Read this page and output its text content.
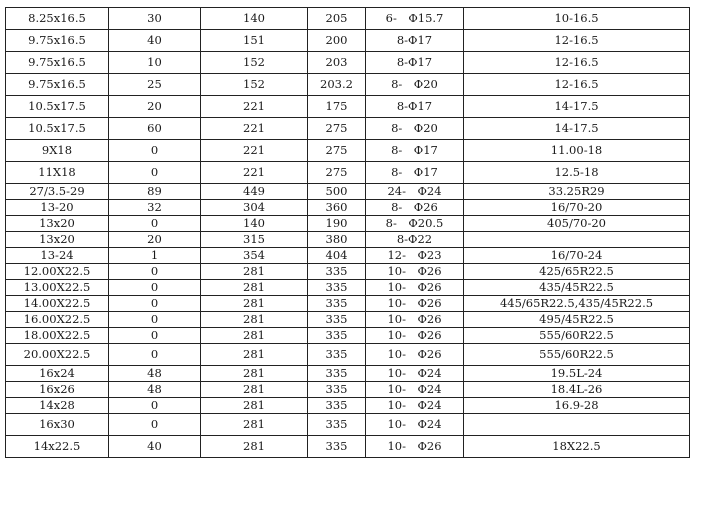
8.25x16.5	30	140	205	6-　Φ15.7	10-16.5
9.75x16.5	40	151	200	8-Φ17	12-16.5
9.75x16.5	10	152	203	8-Φ17	12-16.5
9.75x16.5	25	152	203.2	8-　Φ20	12-16.5
10.5x17.5	20	221	175	8-Φ17	14-17.5
10.5x17.5	60	221	275	8-　Φ20	14-17.5
9X18	0	221	275	8-　Φ17	11.00-18
11X18	0	221	275	8-　Φ17	12.5-18
27/3.5-29	89	449	500	24-　Φ24	33.25R29
13-20	32	304	360	8-　Φ26	16/70-20
13x20	0	140	190	8-　Φ20.5	405/70-20
13x20	20	315	380	8-Φ22	
13-24	1	354	404	12-　Φ23	16/70-24
12.00X22.5	0	281	335	10-　Φ26	425/65R22.5
13.00X22.5	0	281	335	10-　Φ26	435/45R22.5
14.00X22.5	0	281	335	10-　Φ26	445/65R22.5,435/45R22.5
16.00X22.5	0	281	335	10-　Φ26	495/45R22.5
18.00X22.5	0	281	335	10-　Φ26	555/60R22.5
20.00X22.5	0	281	335	10-　Φ26	555/60R22.5
16x24	48	281	335	10-　Φ24	19.5L-24
16x26	48	281	335	10-　Φ24	18.4L-26
14x28	0	281	335	10-　Φ24	16.9-28
16x30	0	281	335	10-　Φ24	
14x22.5	40	281	335	10-　Φ26	18X22.5
